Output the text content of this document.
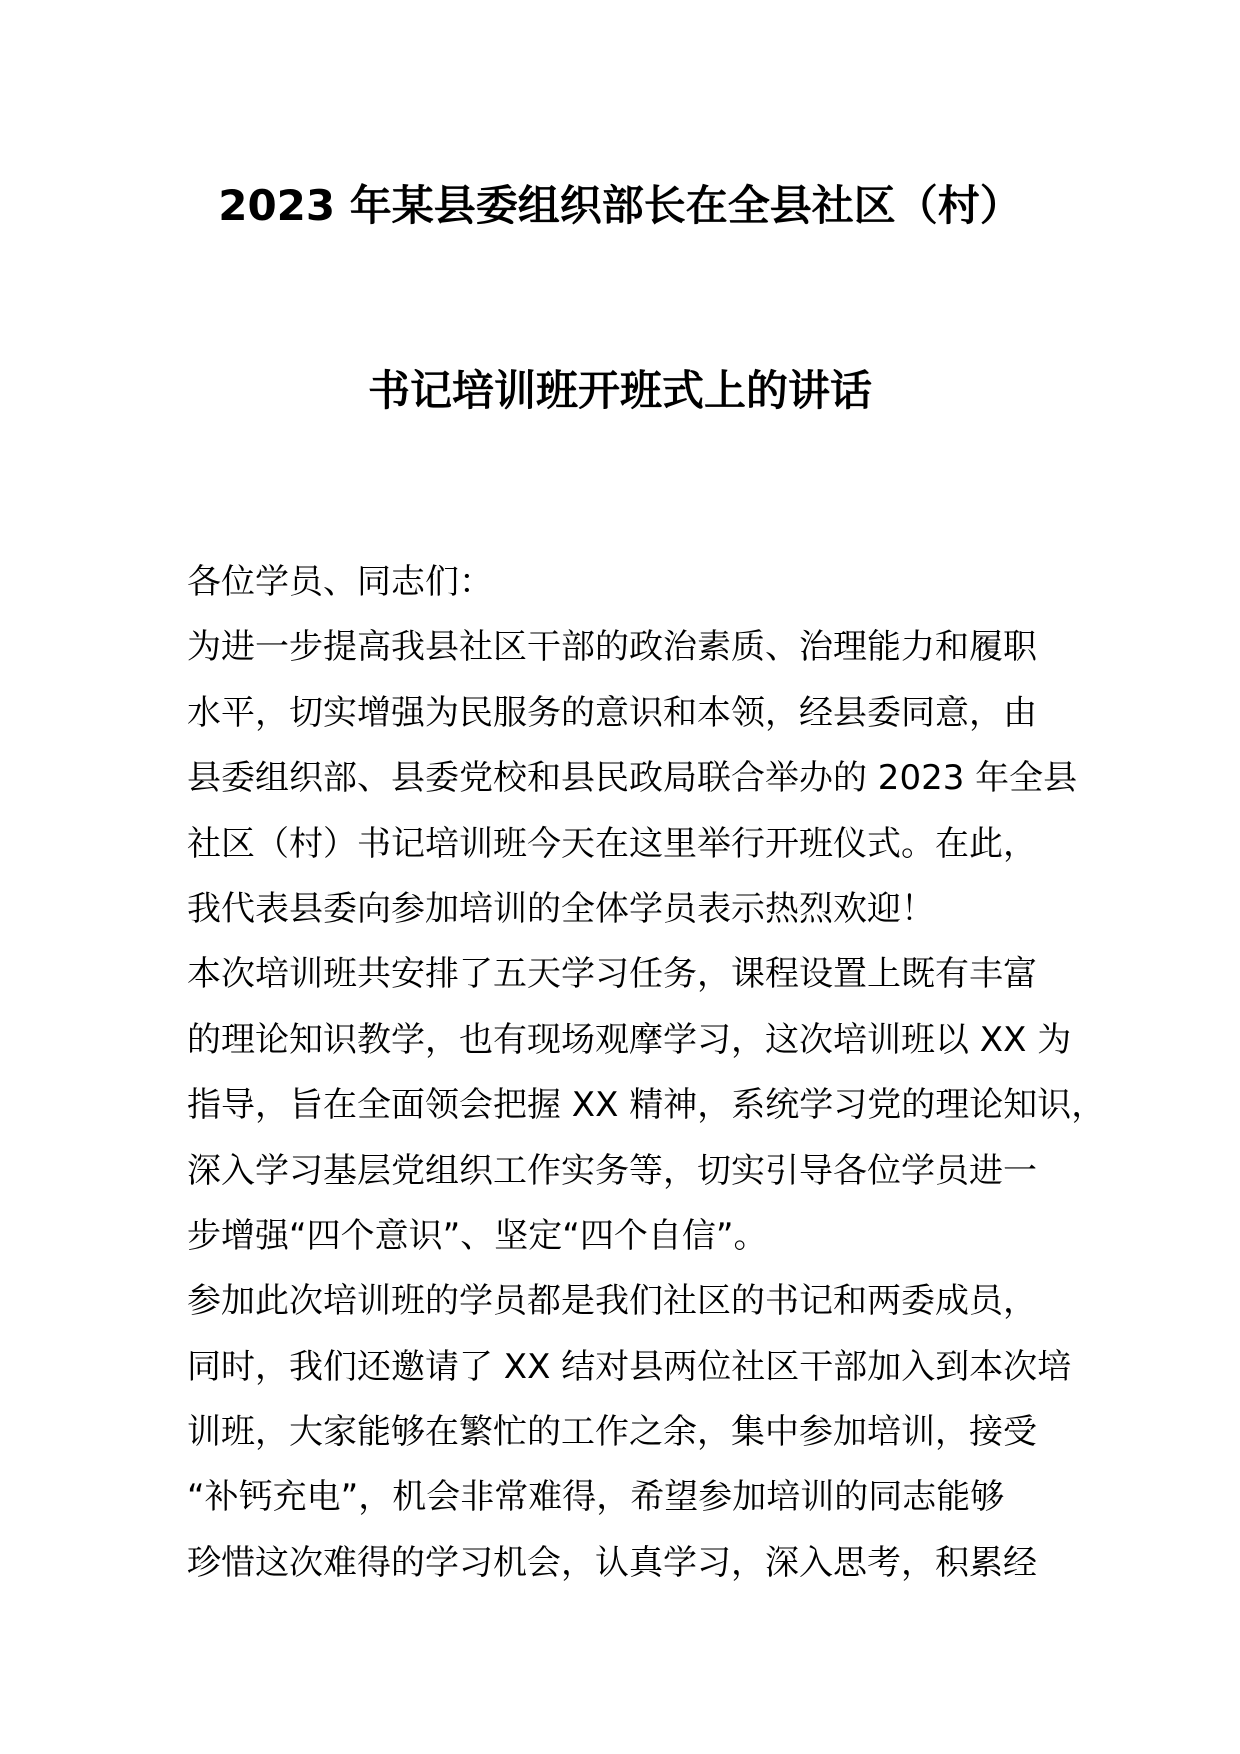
2023 年某县委组织部长在全县社区（村）
书记培训班开班式上的讲话
各位学员、同志们：
为进一步提高我县社区干部的政治素质、治理能力和履职
水平，切实增强为民服务的意识和本领，经县委同意，由
县委组织部、县委党校和县民政局联合举办的 2023 年全县
社区（村）书记培训班今天在这里举行开班仪式。在此，
我代表县委向参加培训的全体学员表示热烈欢迎！
本次培训班共安排了五天学习任务，课程设置上既有丰富
的理论知识教学，也有现场观摩学习，这次培训班以 XX 为
指导，旨在全面领会把握 XX 精神，系统学习党的理论知识，
深入学习基层党组织工作实务等，切实引导各位学员进一
步增强“四个意识”、坚定“四个自信”。
参加此次培训班的学员都是我们社区的书记和两委成员，
同时，我们还邀请了 XX 结对县两位社区干部加入到本次培
训班，大家能够在繁忙的工作之余，集中参加培训，接受
“补钙充电”，机会非常难得，希望参加培训的同志能够
珍惜这次难得的学习机会，认真学习，深入思考，积累经
